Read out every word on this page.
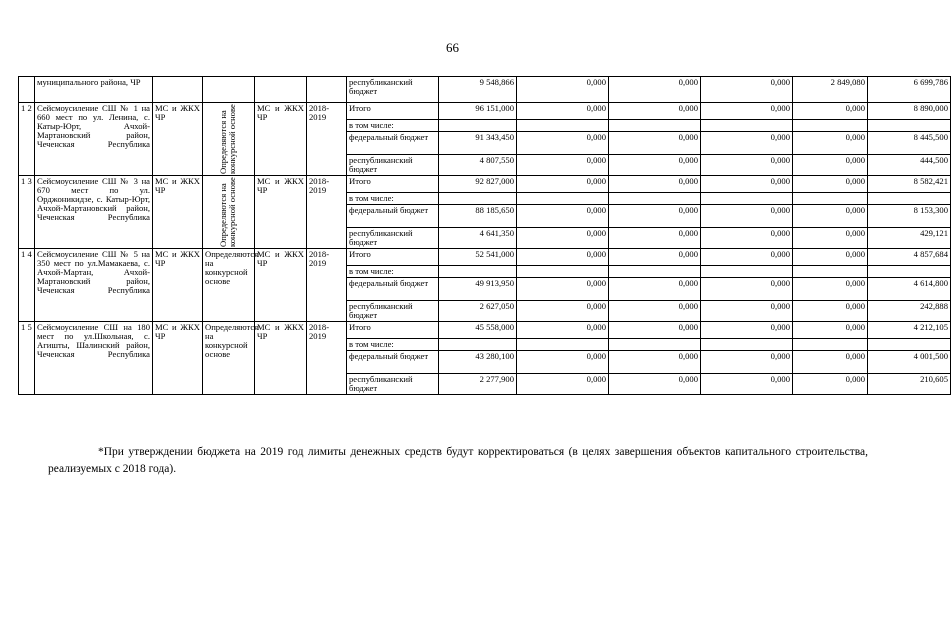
66
	муниципального района, ЧР					республиканский бюджет	9 548,866	0,000	0,000	0,000	2 849,080	6 699,786
1 2	Сейсмоусиление СШ № 1 на 660 мест по ул. Ленина, с. Катыр-Юрт, Ачхой-Мартановский район, Чеченская Республика	МС и ЖКХ ЧР	Определяются на конкурсной основе	МС и ЖКХ ЧР	2018-2019	Итого	96 151,000	0,000	0,000	0,000	0,000	8 890,000
						в том числе:						
						федеральный бюджет	91 343,450	0,000	0,000	0,000	0,000	8 445,500
						республиканский бюджет	4 807,550	0,000	0,000	0,000	0,000	444,500
1 3	Сейсмоусиление СШ № 3 на 670 мест по ул. Орджоникидзе, с. Катыр-Юрт, Ачхой-Мартановский район, Чеченская Республика	МС и ЖКХ ЧР	Определяются на конкурсной основе	МС и ЖКХ ЧР	2018-2019	Итого	92 827,000	0,000	0,000	0,000	0,000	8 582,421
						в том числе:						
						федеральный бюджет	88 185,650	0,000	0,000	0,000	0,000	8 153,300
						республиканский бюджет	4 641,350	0,000	0,000	0,000	0,000	429,121
1 4	Сейсмоусиление СШ № 5 на 350 мест по ул.Мамакаева, с. Ачхой-Мартан, Ачхой-Мартановский район, Чеченская Республика	МС и ЖКХ ЧР	Определяются на конкурсной основе	МС и ЖКХ ЧР	2018-2019	Итого	52 541,000	0,000	0,000	0,000	0,000	4 857,684
						в том числе:						
						федеральный бюджет	49 913,950	0,000	0,000	0,000	0,000	4 614,800
						республиканский бюджет	2 627,050	0,000	0,000	0,000	0,000	242,888
1 5	Сейсмоусиление СШ на 180 мест по ул.Школьная, с. Агишты, Шалинский район, Чеченская Республика	МС и ЖКХ ЧР	Определяются на конкурсной основе	МС и ЖКХ ЧР	2018-2019	Итого	45 558,000	0,000	0,000	0,000	0,000	4 212,105
						в том числе:						
						федеральный бюджет	43 280,100	0,000	0,000	0,000	0,000	4 001,500
						республиканский бюджет	2 277,900	0,000	0,000	0,000	0,000	210,605
*При утверждении бюджета на 2019 год лимиты денежных средств будут корректироваться (в целях завершения объектов капитального строительства, реализуемых с 2018 года).
